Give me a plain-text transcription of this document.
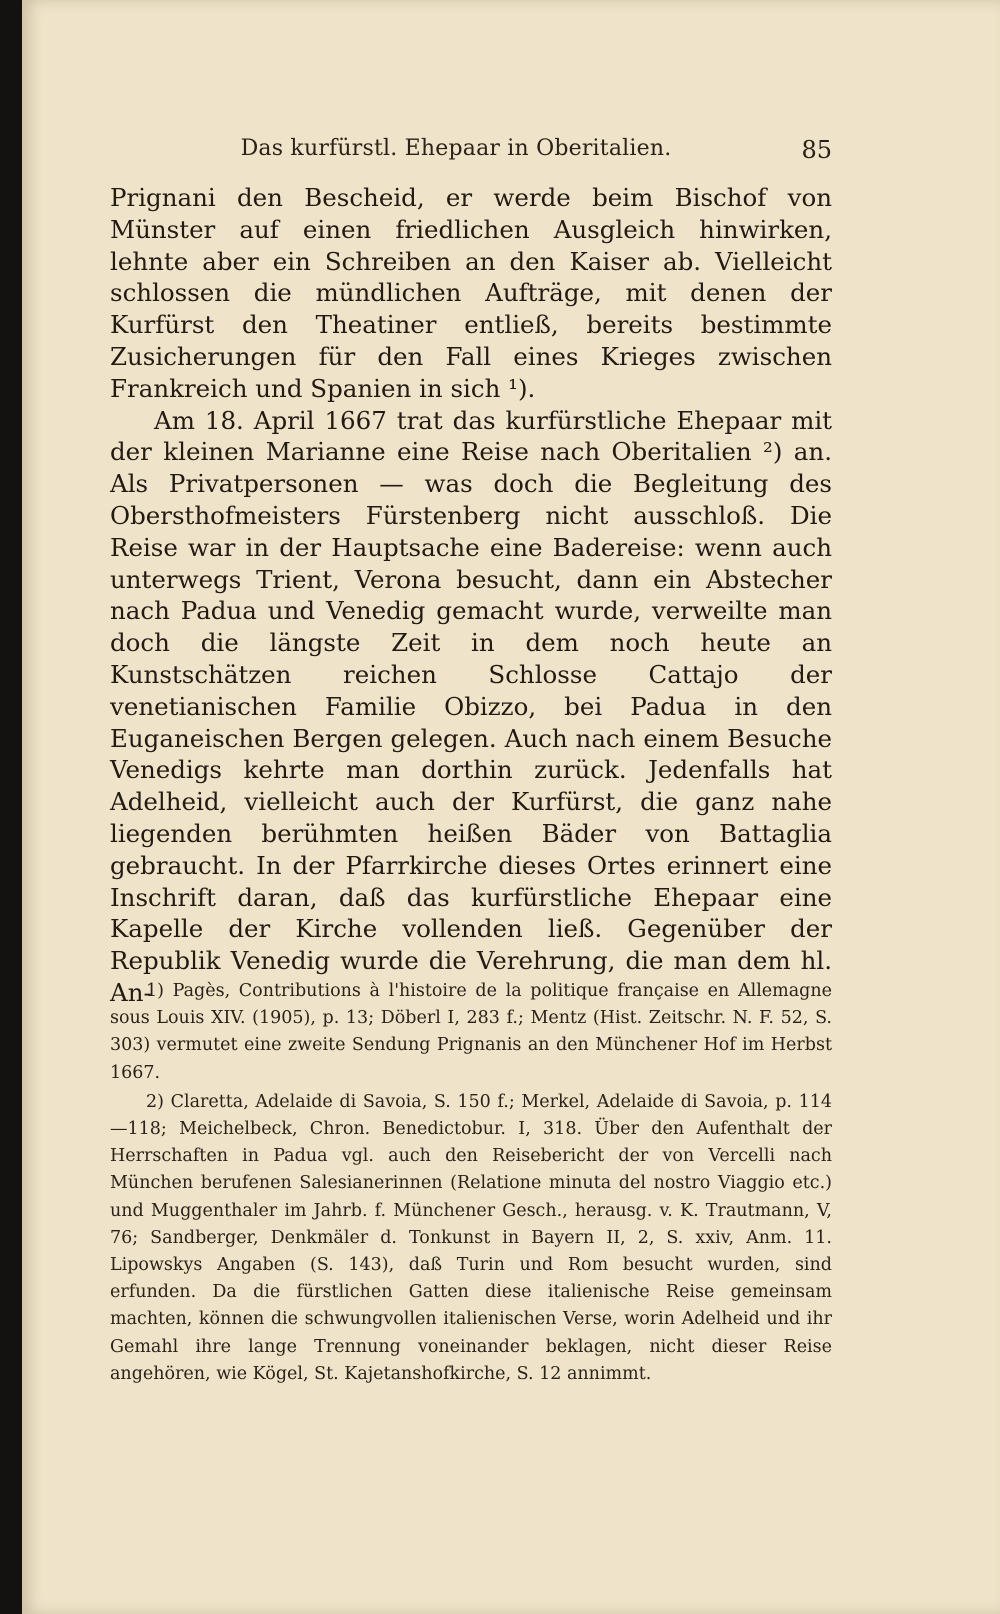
Das kurfürstl. Ehepaar in Oberitalien.	85

Prignani den Bescheid, er werde beim Bischof von Münster auf einen friedlichen Ausgleich hinwirken, lehnte aber ein Schreiben an den Kaiser ab. Vielleicht schlossen die mündlichen Aufträge, mit denen der Kurfürst den Theatiner entließ, bereits bestimmte Zusicherungen für den Fall eines Krieges zwischen Frankreich und Spanien in sich ¹).

Am 18. April 1667 trat das kurfürstliche Ehepaar mit der kleinen Marianne eine Reise nach Oberitalien ²) an. Als Privatpersonen — was doch die Begleitung des Obersthofmeisters Fürstenberg nicht ausschloß. Die Reise war in der Hauptsache eine Badereise: wenn auch unterwegs Trient, Verona besucht, dann ein Abstecher nach Padua und Venedig gemacht wurde, verweilte man doch die längste Zeit in dem noch heute an Kunstschätzen reichen Schlosse Cattajo der venetianischen Familie Obizzo, bei Padua in den Euganeischen Bergen gelegen. Auch nach einem Besuche Venedigs kehrte man dorthin zurück. Jedenfalls hat Adelheid, vielleicht auch der Kurfürst, die ganz nahe liegenden berühmten heißen Bäder von Battaglia gebraucht. In der Pfarrkirche dieses Ortes erinnert eine Inschrift daran, daß das kurfürstliche Ehepaar eine Kapelle der Kirche vollenden ließ. Gegenüber der Republik Venedig wurde die Verehrung, die man dem hl. An-

1) Pagès, Contributions à l'histoire de la politique française en Allemagne sous Louis XIV. (1905), p. 13; Döberl I, 283 f.; Mentz (Hist. Zeitschr. N. F. 52, S. 303) vermutet eine zweite Sendung Prignanis an den Münchener Hof im Herbst 1667.

2) Claretta, Adelaide di Savoia, S. 150 f.; Merkel, Adelaide di Savoia, p. 114—118; Meichelbeck, Chron. Benedictobur. I, 318. Über den Aufenthalt der Herrschaften in Padua vgl. auch den Reisebericht der von Vercelli nach München berufenen Salesianerinnen (Relatione minuta del nostro Viaggio etc.) und Muggenthaler im Jahrb. f. Münchener Gesch., herausg. v. K. Trautmann, V, 76; Sandberger, Denkmäler d. Tonkunst in Bayern II, 2, S. xxiv, Anm. 11. Lipowskys Angaben (S. 143), daß Turin und Rom besucht wurden, sind erfunden. Da die fürstlichen Gatten diese italienische Reise gemeinsam machten, können die schwungvollen italienischen Verse, worin Adelheid und ihr Gemahl ihre lange Trennung voneinander beklagen, nicht dieser Reise angehören, wie Kögel, St. Kajetanshofkirche, S. 12 annimmt.
